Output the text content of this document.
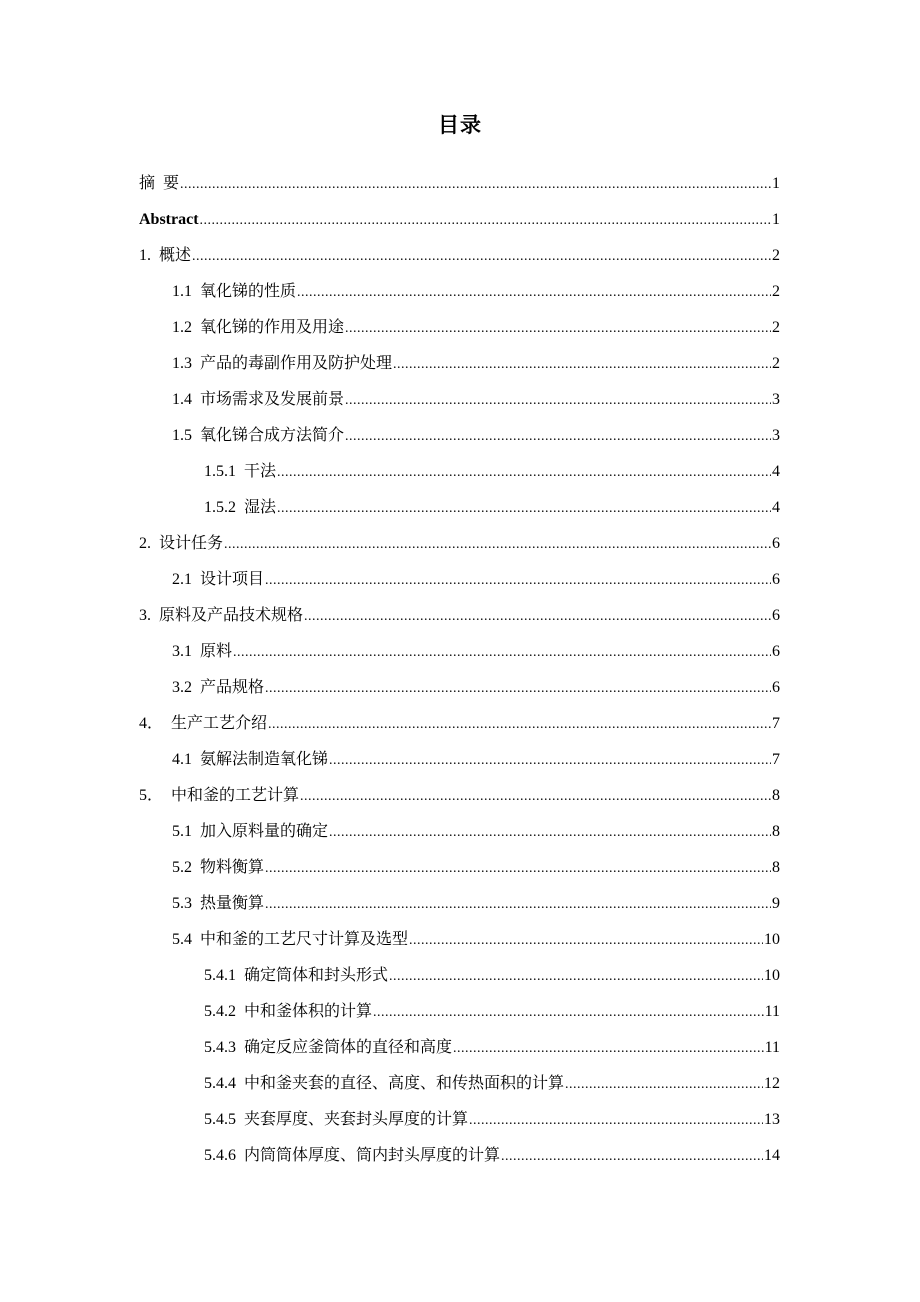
目录
摘  要 .....	1
Abstract .....	1
1. 概述 .....	2
1.1 氧化锑的性质 .....	2
1.2 氧化锑的作用及用途 .....	2
1.3 产品的毒副作用及防护处理 .....	2
1.4 市场需求及发展前景 .....	3
1.5 氧化锑合成方法简介 .....	3
1.5.1 干法 .....	4
1.5.2 湿法 .....	4
2. 设计任务 .....	6
2.1 设计项目 .....	6
3. 原料及产品技术规格 .....	6
3.1 原料 .....	6
3.2 产品规格 .....	6
4． 生产工艺介绍 .....	7
4.1 氨解法制造氧化锑 .....	7
5． 中和釜的工艺计算 .....	8
5.1 加入原料量的确定 .....	8
5.2 物料衡算 .....	8
5.3 热量衡算 .....	9
5.4 中和釜的工艺尺寸计算及选型 .....	10
5.4.1 确定筒体和封头形式 .....	10
5.4.2 中和釜体积的计算 .....	11
5.4.3 确定反应釜筒体的直径和高度 .....	11
5.4.4 中和釜夹套的直径、高度、和传热面积的计算 .....	12
5.4.5 夹套厚度、夹套封头厚度的计算 .....	13
5.4.6 内筒筒体厚度、筒内封头厚度的计算 .....	14
